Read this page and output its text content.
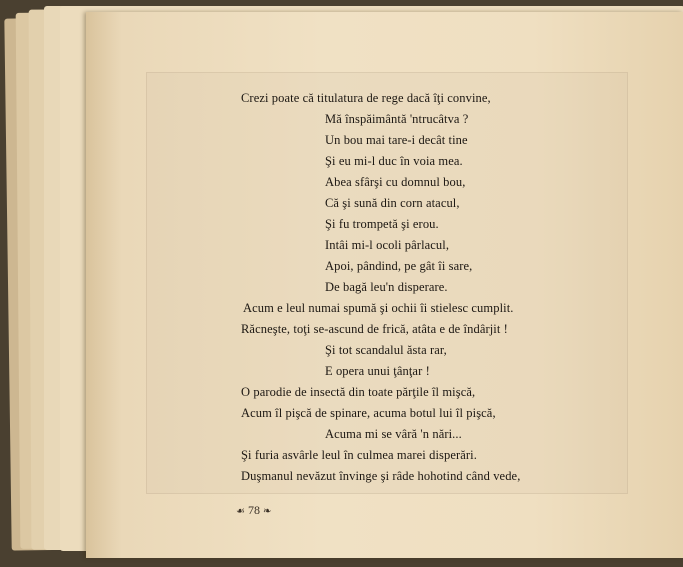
Crezi poate că titulatura de rege dacă îţi convine,
Mă înspăimântă 'ntrucâtva ?
Un bou mai tare-i decât tine
Şi eu mi-l duc în voia mea.
Abea sfârşi cu domnul bou,
Că şi sună din corn atacul,
Şi fu trompetă şi erou.
Intâi mi-l ocoli pârlacul,
Apoi, pândind, pe gât îi sare,
De bagă leu'n disperare.
Acum e leul numai spumă şi ochii îi stielesc cumplit.
Răcneşte, toţi se-ascund de frică, atâta e de îndârjit !
Şi tot scandalul ăsta rar,
E opera unui ţânţar !
O parodie de insectă din toate părţile îl mişcă,
Acum îl pişcă de spinare, acuma botul lui îl pişcă,
Acuma mi se vâră 'n nări...
Şi furia asvârle leul în culmea marei disperări.
Duşmanul nevăzut învinge şi râde hohotind când vede,
☙ 78 ❧
